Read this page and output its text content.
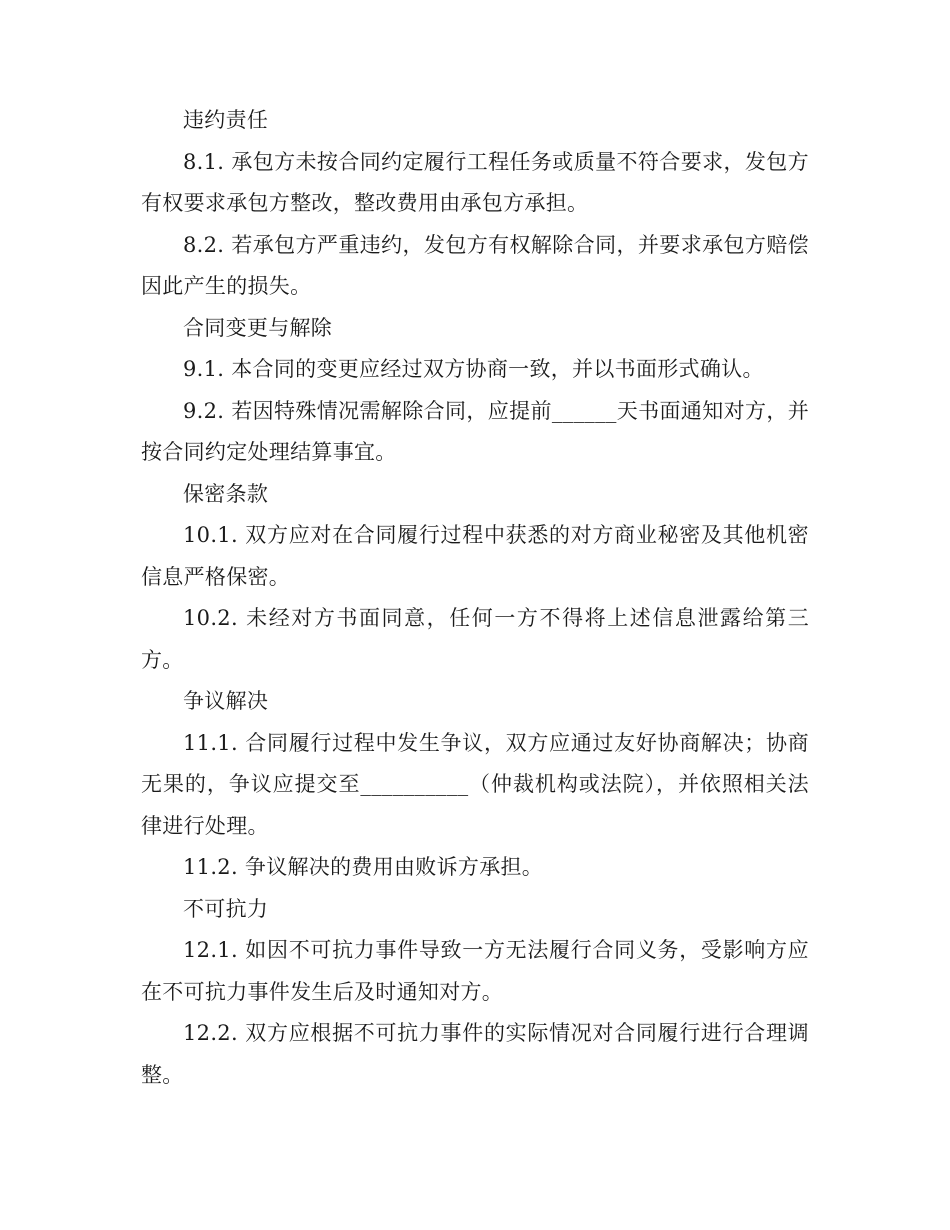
违约责任

8.1. 承包方未按合同约定履行工程任务或质量不符合要求，发包方有权要求承包方整改，整改费用由承包方承担。

8.2. 若承包方严重违约，发包方有权解除合同，并要求承包方赔偿因此产生的损失。

合同变更与解除

9.1. 本合同的变更应经过双方协商一致，并以书面形式确认。

9.2. 若因特殊情况需解除合同，应提前______天书面通知对方，并按合同约定处理结算事宜。

保密条款

10.1. 双方应对在合同履行过程中获悉的对方商业秘密及其他机密信息严格保密。

10.2. 未经对方书面同意，任何一方不得将上述信息泄露给第三方。

争议解决

11.1. 合同履行过程中发生争议，双方应通过友好协商解决；协商无果的，争议应提交至__________（仲裁机构或法院），并依照相关法律进行处理。

11.2. 争议解决的费用由败诉方承担。

不可抗力

12.1. 如因不可抗力事件导致一方无法履行合同义务，受影响方应在不可抗力事件发生后及时通知对方。

12.2. 双方应根据不可抗力事件的实际情况对合同履行进行合理调整。
